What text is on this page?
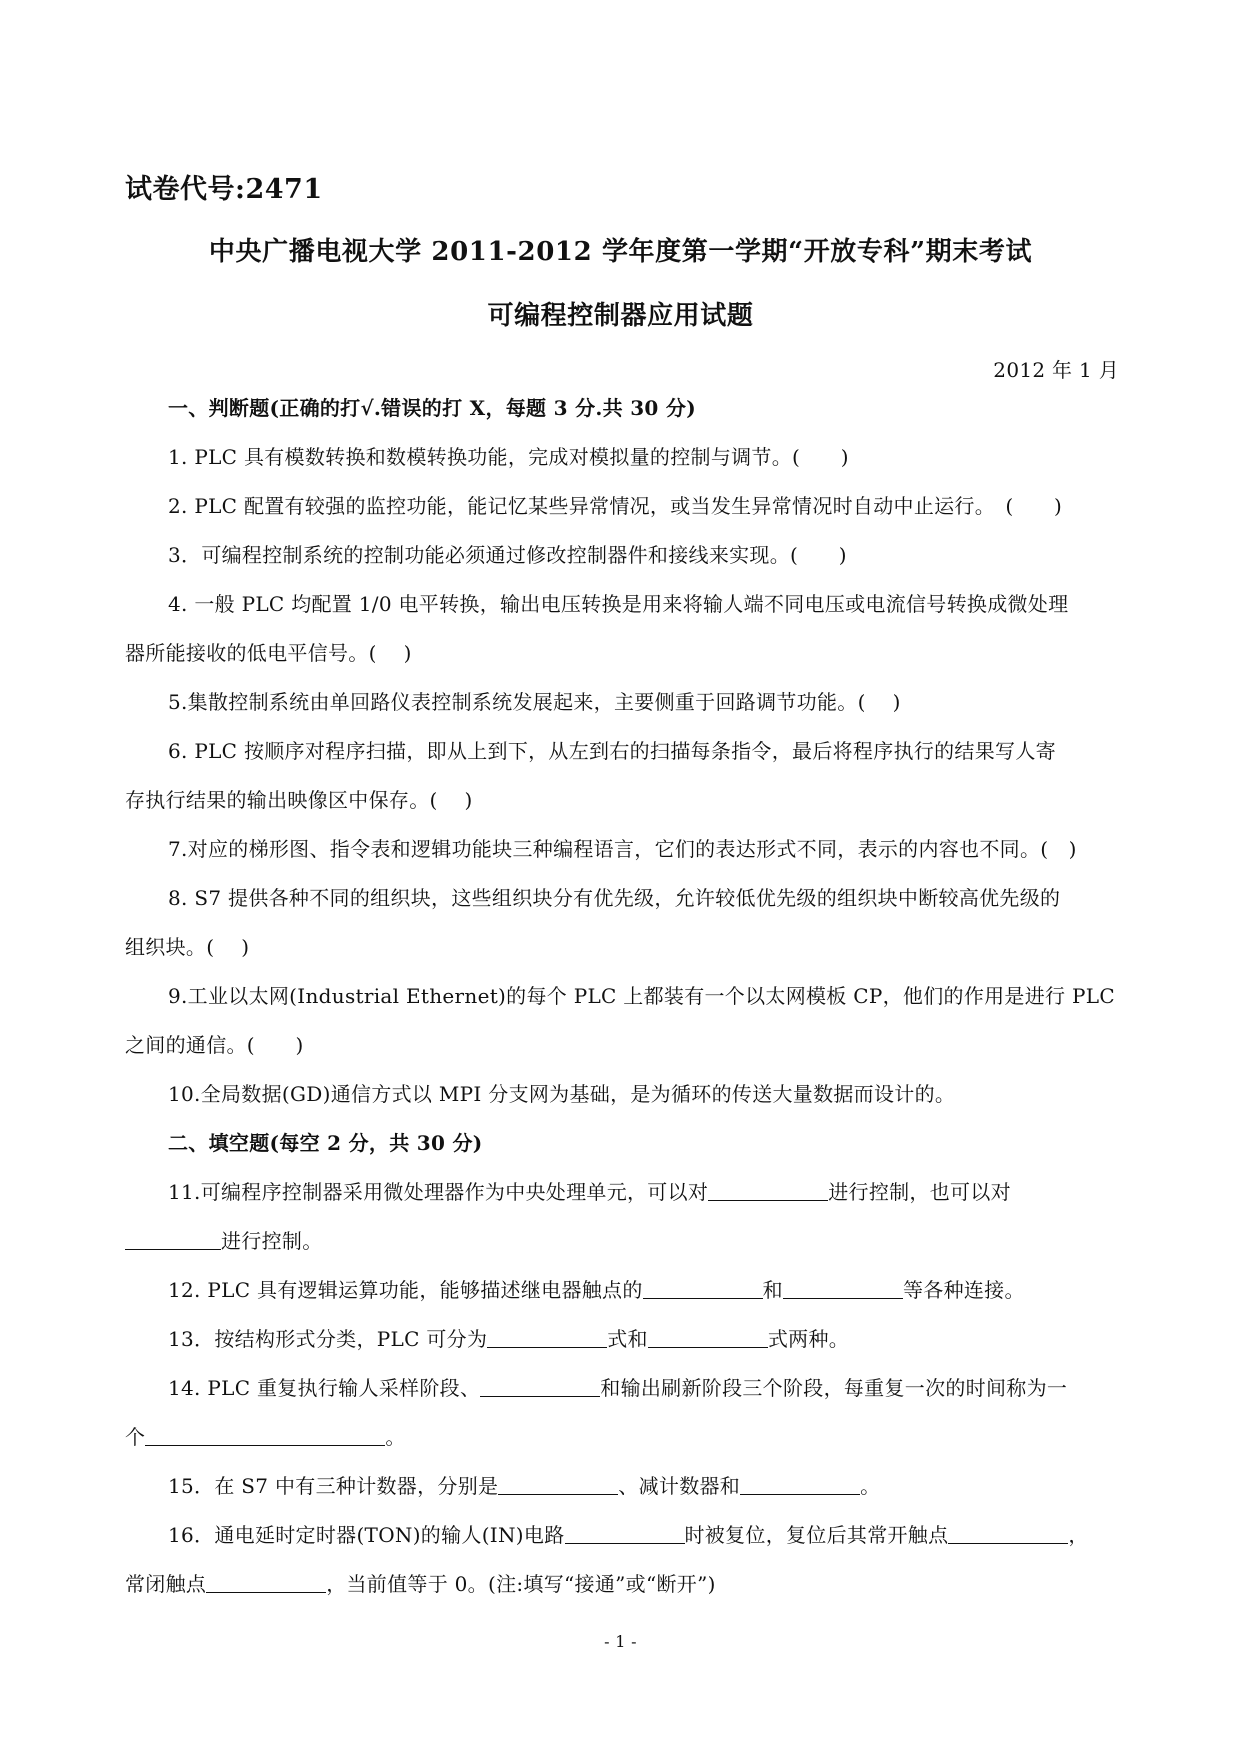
试卷代号:2471
中央广播电视大学 2011-2012 学年度第一学期“开放专科”期末考试
可编程控制器应用试题
2012 年 1 月
一、判断题(正确的打√.错误的打 X，每题 3 分.共 30 分)
1. PLC 具有模数转换和数模转换功能，完成对模拟量的控制与调节。(　　)
2. PLC 配置有较强的监控功能，能记忆某些异常情况，或当发生异常情况时自动中止运行。　(　　)
3．可编程控制系统的控制功能必须通过修改控制器件和接线来实现。(　　)
4. 一般 PLC 均配置 1/0 电平转换，输出电压转换是用来将输人端不同电压或电流信号转换成微处理
器所能接收的低电平信号。(　 )
5.集散控制系统由单回路仪表控制系统发展起来，主要侧重于回路调节功能。( 　)
6. PLC 按顺序对程序扫描，即从上到下，从左到右的扫描每条指令，最后将程序执行的结果写人寄
存执行结果的输出映像区中保存。(　 )
7.对应的梯形图、指令表和逻辑功能块三种编程语言，它们的表达形式不同，表示的内容也不同。(　)
8. S7 提供各种不同的组织块，这些组织块分有优先级，允许较低优先级的组织块中断较高优先级的
组织块。(　 )
9.工业以太网(Industrial Ethernet)的每个 PLC 上都装有一个以太网模板 CP，他们的作用是进行 PLC
之间的通信。(　　)
10.全局数据(GD)通信方式以 MPI 分支网为基础，是为循环的传送大量数据而设计的。
二、填空题(每空 2 分，共 30 分)
11.可编程序控制器采用微处理器作为中央处理单元，可以对	进行控制，也可以对
进行控制。
12. PLC 具有逻辑运算功能，能够描述继电器触点的	和	等各种连接。
13．按结构形式分类，PLC 可分为	式和	式两种。
14. PLC 重复执行输人采样阶段、	和输出刷新阶段三个阶段，每重复一次的时间称为一
个	。
15．在 S7 中有三种计数器，分别是	、减计数器和	。
16．通电延时定时器(TON)的输人(IN)电路	时被复位，复位后其常开触点	，
常闭触点	，当前值等于 0。(注:填写“接通”或“断开”)
- 1 -
